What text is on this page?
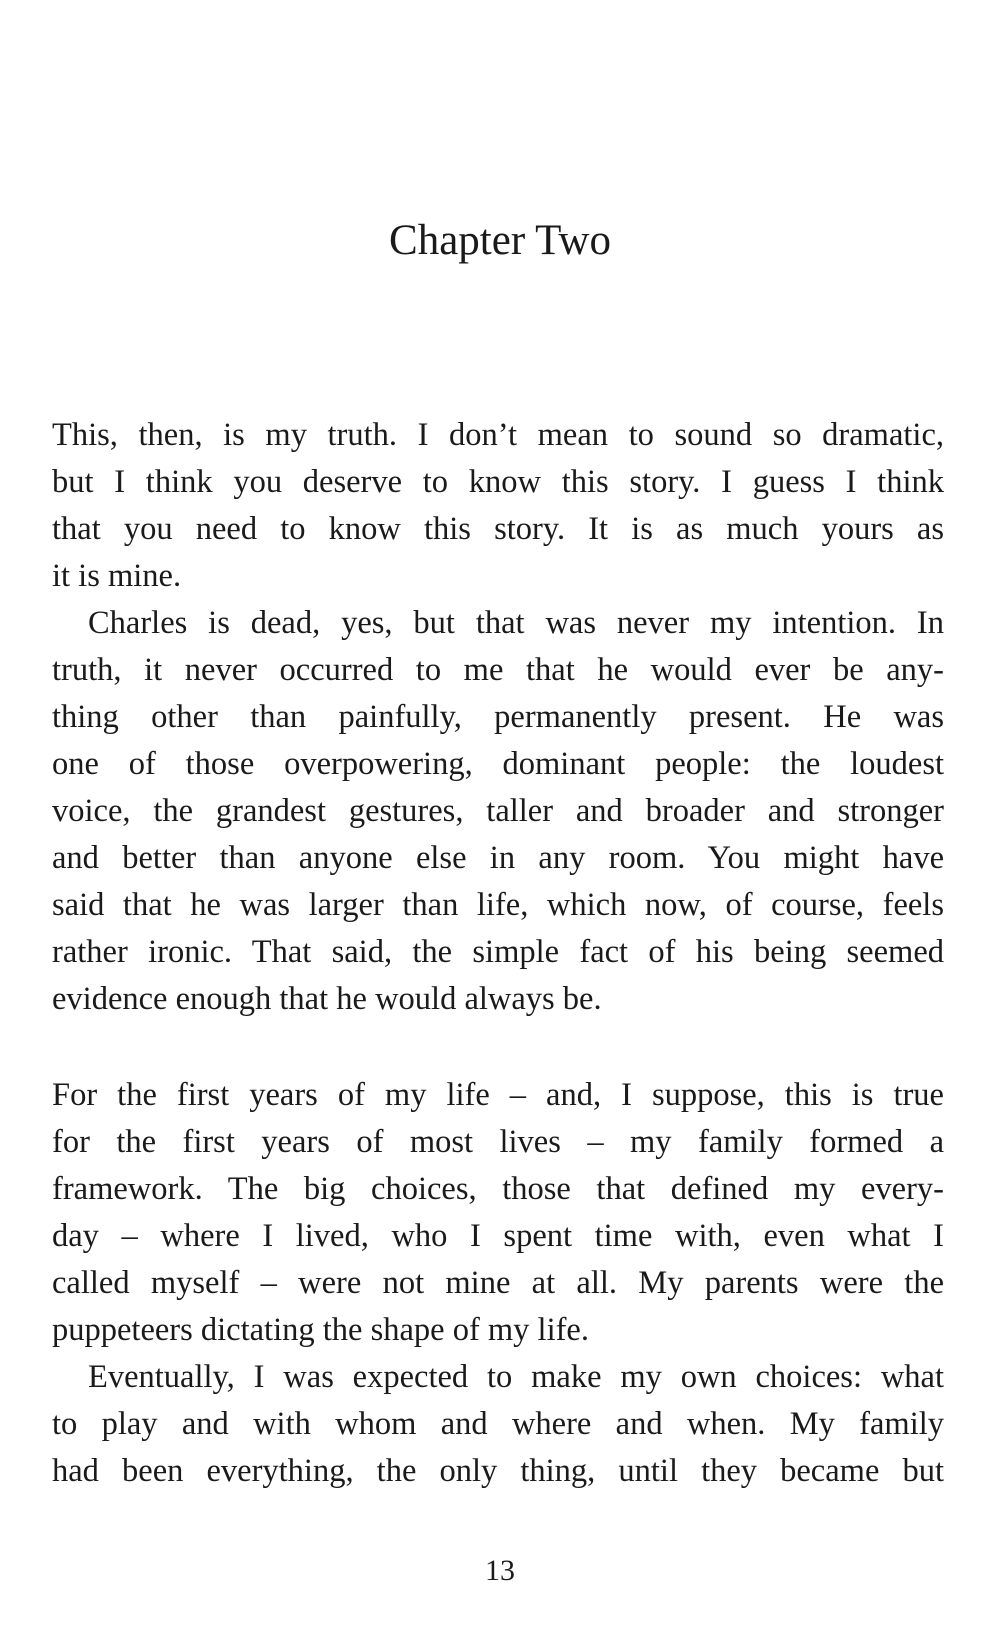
Chapter Two

This, then, is my truth. I don’t mean to sound so dramatic,
but I think you deserve to know this story. I guess I think
that you need to know this story. It is as much yours as
it is mine.

Charles is dead, yes, but that was never my intention. In
truth, it never occurred to me that he would ever be any-
thing other than painfully, permanently present. He was
one of those overpowering, dominant people: the loudest
voice, the grandest gestures, taller and broader and stronger
and better than anyone else in any room. You might have
said that he was larger than life, which now, of course, feels
rather ironic. That said, the simple fact of his being seemed
evidence enough that he would always be.

For the first years of my life – and, I suppose, this is true
for the first years of most lives – my family formed a
framework. The big choices, those that defined my every-
day – where I lived, who I spent time with, even what I
called myself – were not mine at all. My parents were the
puppeteers dictating the shape of my life.

Eventually, I was expected to make my own choices: what
to play and with whom and where and when. My family
had been everything, the only thing, until they became but

13
